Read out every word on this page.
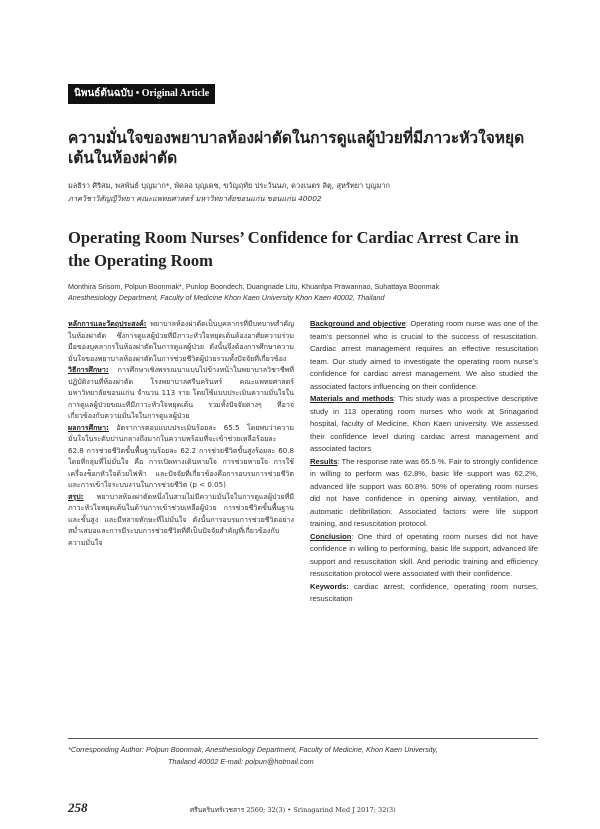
นิพนธ์ต้นฉบับ • Original Article
ความมั่นใจของพยาบาลห้องผ่าตัดในการดูแลผู้ป่วยที่มีภาวะหัวใจหยุดเต้นในห้องผ่าตัด
มลธิรา ศิริสม, พลพันธ์ บุญมาก*, พัดลอ บุญเดช, ขวัญฤทัย ประวันนภ, ดวงเนตร ลิตุ, สุหรัทยา บุญมาก
ภาควิชาวิสัญญีวิทยา คณะแพทยศาสตร์ มหาวิทยาลัยขอนแก่น ขอนแก่น 40002
Operating Room Nurses’ Confidence for Cardiac Arrest Care in the Operating Room
Monthira Srisom, Polpun Boonmak*, Punlop Boondech, Duangnade Litu, Khuanfpa Prawannao, Suhattaya Boonmak
Anesthesiology Department, Faculty of Medicine Khon Kaen University Khon Kaen 40002, Thailand

หลักการและวัตถุประสงค์: พยาบาลห้องผ่าตัดเป็นบุคลากรที่มีบทบาทสำคัญในห้องผ่าตัด ซึ่งการดูแลผู้ป่วยที่มีภาวะหัวใจหยุดเต้นต้องอาศัยความร่วมมือของบุคลากรในห้องผ่าตัดในการดูแลผู้ป่วย ดังนั้นจึงต้องการศึกษาความมั่นใจของพยาบาลห้องผ่าตัดในการช่วยชีวิตผู้ป่วยรวมทั้งปัจจัยที่เกี่ยวข้อง

วิธีการศึกษา: การศึกษาเชิงพรรณนาแบบไปข้างหน้าในพยาบาลวิชาชีพที่ปฏิบัติงานที่ห้องผ่าตัด โรงพยาบาลศรีนครินทร์ คณะแพทยศาสตร์ มหาวิทยาลัยขอนแก่น จำนวน 113 ราย โดยใช้แบบประเมินความมั่นใจในการดูแลผู้ป่วยขณะที่มีภาวะหัวใจหยุดเต้น รวมทั้งปัจจัยต่างๆ ที่อาจเกี่ยวข้องกับความมั่นใจในการดูแลผู้ป่วย

ผลการศึกษา: อัตราการตอบแบบประเมินร้อยละ 65.5 โดยพบว่าความมั่นใจในระดับปานกลางถึงมากในความพร้อมที่จะเข้าช่วยเหลือร้อยละ 62.8 การช่วยชีวิตขั้นพื้นฐานร้อยละ 62.2 การช่วยชีวิตขั้นสูงร้อยละ 60.8 โดยที่กลุ่มที่ไม่มั่นใจ คือ การเปิดทางเดินหายใจ การช่วยหายใจ การใช้เครื่องช็อกหัวใจด้วยไฟฟ้า และปัจจัยที่เกี่ยวข้องคือการอบรมการช่วยชีวิตและการเข้าใจระบบงานในการช่วยชีวิต (p < 0.05)

สรุป: พยาบาลห้องผ่าตัดหนึ่งในสามไม่มีความมั่นใจในการดูแลผู้ป่วยที่มีภาวะหัวใจหยุดเต้นในด้านการเข้าช่วยเหลือผู้ป่วย การช่วยชีวิตขั้นพื้นฐานและขั้นสูง และมีหลายทักษะที่ไม่มั่นใจ ดังนั้นการอบรมการช่วยชีวิตอย่างสม่ำเสมอและการมีระบบการช่วยชีวิตที่ดีเป็นปัจจัยสำคัญที่เกี่ยวข้องกับความมั่นใจ

Background and objective: Operating room nurse was one of the team’s personnel who is crucial to the success of resuscitation. Cardiac arrest management requires an effective resuscitation team. Our study aimed to investigate the operating room nurse’s confidence for cardiac arrest management. We also studied the associated factors influencing on their confidence.

Materials and methods: This study was a prospective descriptive study in 113 operating room nurses who work at Srinagarind hospital, faculty of Medicine, Khon Kaen university. We assessed their confidence level during cardiac arrest management and associated factors

Results: The response rate was 65.5 %. Fair to strongly confidence in willing to perform was 62.8%, basic life support was 62.2%, advanced life support was 60.8%. 50% of operating room nurses did not have confidence in opening airway, ventilation, and automatic defibrillation. Associated factors were life support training, and resuscitation protocol.

Conclusion: One third of operating room nurses did not have confidence in willing to performing, basic life support, advanced life support and resuscitation skill. And periodic training and efficiency resuscitation protocol were associated with their confidence.

Keywords: cardiac arrest, confidence, operating room nurses, resuscitation

*Corresponding Author: Polpun Boonmak, Anesthesiology Department, Faculty of Medicine, Khon Kaen University,
Thailand 40002 E-mail: polpun@hotmail.com
258	ศรีนครินทร์เวชสาร 2560; 32(3) • Srinagarind Med J 2017; 32(3)
